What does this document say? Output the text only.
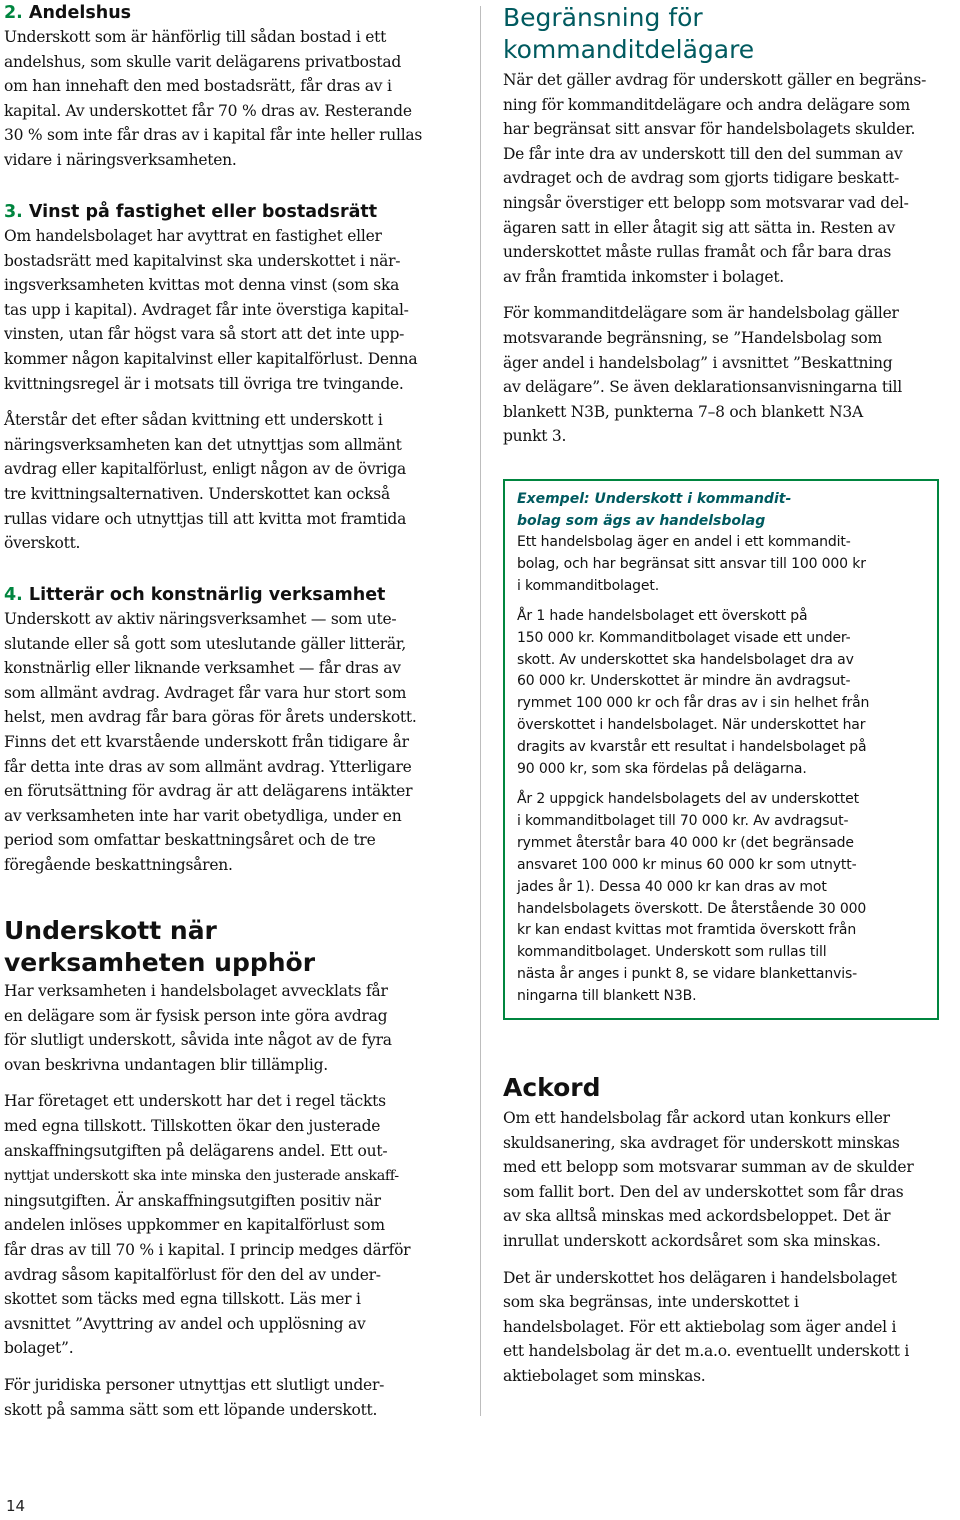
2. Andelshus

Underskott som är hänförlig till sådan bostad i ett
andelshus, som skulle varit delägarens privatbostad
om han innehaft den med bostadsrätt, får dras av i
kapital. Av underskottet får 70 % dras av. Resterande
30 % som inte får dras av i kapital får inte heller rullas
vidare i näringsverksamheten.

3. Vinst på fastighet eller bostadsrätt

Om handelsbolaget har avyttrat en fastighet eller
bostadsrätt med kapitalvinst ska underskottet i när-
ingsverksamheten kvittas mot denna vinst (som ska
tas upp i kapital). Avdraget får inte överstiga kapital-
vinsten, utan får högst vara så stort att det inte upp-
kommer någon kapitalvinst eller kapitalförlust. Denna
kvittningsregel är i motsats till övriga tre tvingande.

Återstår det efter sådan kvittning ett underskott i
näringsverksamheten kan det utnyttjas som allmänt
avdrag eller kapitalförlust, enligt någon av de övriga
tre kvittningsalternativen. Underskottet kan också
rullas vidare och utnyttjas till att kvitta mot framtida
överskott.

4. Litterär och konstnärlig verksamhet

Underskott av aktiv näringsverksamhet — som ute-
slutande eller så gott som uteslutande gäller litterär,
konstnärlig eller liknande verksamhet — får dras av
som allmänt avdrag. Avdraget får vara hur stort som
helst, men avdrag får bara göras för årets underskott.
Finns det ett kvarstående underskott från tidigare år
får detta inte dras av som allmänt avdrag. Ytterligare
en förutsättning för avdrag är att delägarens intäkter
av verksamheten inte har varit obetydliga, under en
period som omfattar beskattningsåret och de tre
föregående beskattningsåren.

Underskott när
verksamheten upphör

Har verksamheten i handelsbolaget avvecklats får
en delägare som är fysisk person inte göra avdrag
för slutligt underskott, såvida inte något av de fyra
ovan beskrivna undantagen blir tillämplig.

Har företaget ett underskott har det i regel täckts
med egna tillskott. Tillskotten ökar den justerade
anskaffningsutgiften på delägarens andel. Ett out-
nyttjat underskott ska inte minska den justerade anskaff-
ningsutgiften. Är anskaffningsutgiften positiv när
andelen inlöses uppkommer en kapitalförlust som
får dras av till 70 % i kapital. I princip medges därför
avdrag såsom kapitalförlust för den del av under-
skottet som täcks med egna tillskott. Läs mer i
avsnittet ”Avyttring av andel och upplösning av
bolaget”.

För juridiska personer utnyttjas ett slutligt under-
skott på samma sätt som ett löpande underskott.

Begränsning för
kommanditdelägare

När det gäller avdrag för underskott gäller en begräns-
ning för kommanditdelägare och andra delägare som
har begränsat sitt ansvar för handelsbolagets skulder.
De får inte dra av underskott till den del summan av
avdraget och de avdrag som gjorts tidigare beskatt-
ningsår överstiger ett belopp som motsvarar vad del-
ägaren satt in eller åtagit sig att sätta in. Resten av
underskottet måste rullas framåt och får bara dras
av från framtida inkomster i bolaget.

För kommanditdelägare som är handelsbolag gäller
motsvarande begränsning, se ”Handelsbolag som
äger andel i handelsbolag” i avsnittet ”Beskattning
av delägare”. Se även deklarationsanvisningarna till
blankett N3B, punkterna 7–8 och blankett N3A
punkt 3.

Ackord

Om ett handelsbolag får ackord utan konkurs eller
skuldsanering, ska avdraget för underskott minskas
med ett belopp som motsvarar summan av de skulder
som fallit bort. Den del av underskottet som får dras
av ska alltså minskas med ackordsbeloppet. Det är
inrullat underskott ackordsåret som ska minskas.

Det är underskottet hos delägaren i handelsbolaget
som ska begränsas, inte underskottet i
handelsbolaget. För ett aktiebolag som äger andel i
ett handelsbolag är det m.a.o. eventuellt underskott i
aktiebolaget som minskas.

Exempel: Underskott i kommandit-
bolag som ägs av handelsbolag

Ett handelsbolag äger en andel i ett kommandit-
bolag, och har begränsat sitt ansvar till 100 000 kr
i kommanditbolaget.

År 1 hade handelsbolaget ett överskott på
150 000 kr. Kommanditbolaget visade ett under-
skott. Av underskottet ska handelsbolaget dra av
60 000 kr. Underskottet är mindre än avdragsut-
rymmet 100 000 kr och får dras av i sin helhet från
överskottet i handelsbolaget. När underskottet har
dragits av kvarstår ett resultat i handelsbolaget på
90 000 kr, som ska fördelas på delägarna.

År 2 uppgick handelsbolagets del av underskottet
i kommanditbolaget till 70 000 kr. Av avdragsut-
rymmet återstår bara 40 000 kr (det begränsade
ansvaret 100 000 kr minus 60 000 kr som utnytt-
jades år 1). Dessa 40 000 kr kan dras av mot
handelsbolagets överskott. De återstående 30 000
kr kan endast kvittas mot framtida överskott från
kommanditbolaget. Underskott som rullas till
nästa år anges i punkt 8, se vidare blankettanvis-
ningarna till blankett N3B.

14
